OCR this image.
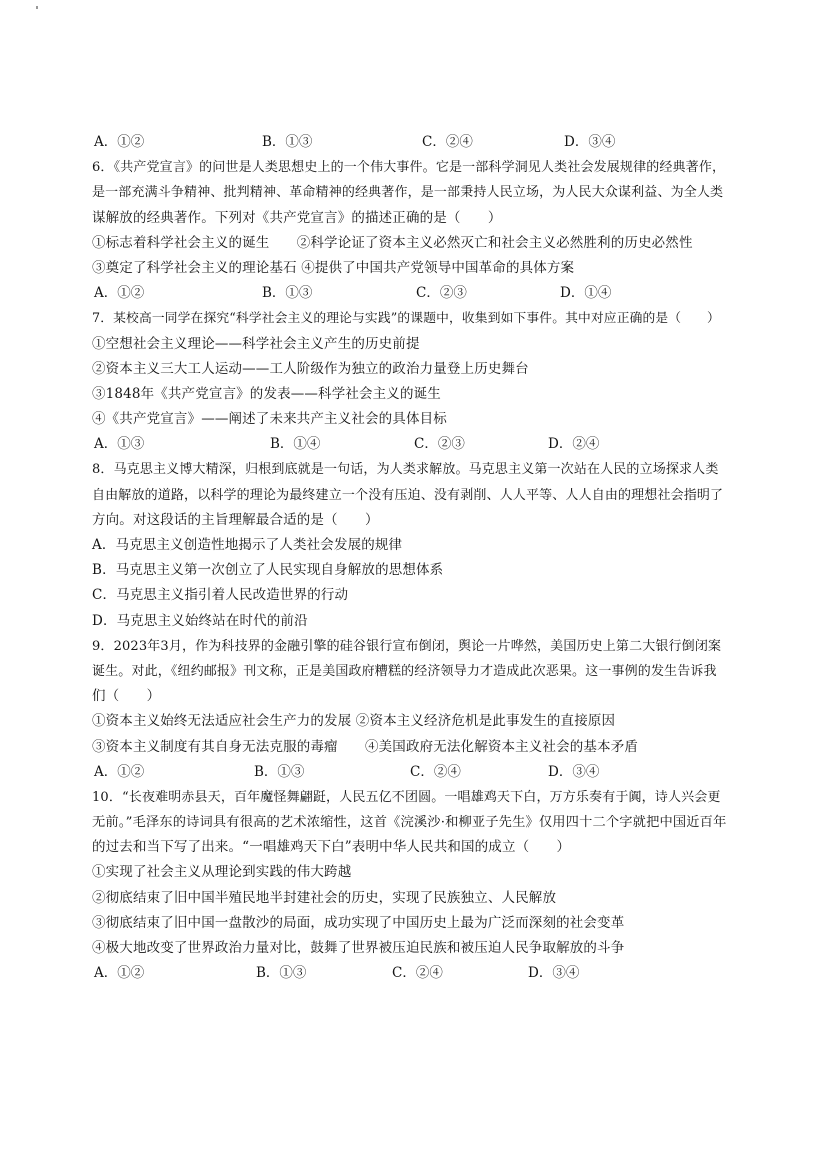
A．①②	B．①③	C．②④	D．③④
6．《共产党宣言》的问世是人类思想史上的一个伟大事件。它是一部科学洞见人类社会发展规律的经典著作，
是一部充满斗争精神、批判精神、革命精神的经典著作，是一部秉持人民立场，为人民大众谋利益、为全人类
谋解放的经典著作。下列对《共产党宣言》的描述正确的是（　　）
①标志着科学社会主义的诞生　　②科学论证了资本主义必然灭亡和社会主义必然胜利的历史必然性
③奠定了科学社会主义的理论基石 ④提供了中国共产党领导中国革命的具体方案
A．①②	B．①③	C．②③	D．①④
7．某校高一同学在探究“科学社会主义的理论与实践”的课题中，收集到如下事件。其中对应正确的是（　　）
①空想社会主义理论——科学社会主义产生的历史前提
②资本主义三大工人运动——工人阶级作为独立的政治力量登上历史舞台
③1848年《共产党宣言》的发表——科学社会主义的诞生
④《共产党宣言》——阐述了未来共产主义社会的具体目标
A．①③	B．①④	C．②③	D．②④
8．马克思主义博大精深，归根到底就是一句话，为人类求解放。马克思主义第一次站在人民的立场探求人类
自由解放的道路，以科学的理论为最终建立一个没有压迫、没有剥削、人人平等、人人自由的理想社会指明了
方向。对这段话的主旨理解最合适的是（　　）
A．马克思主义创造性地揭示了人类社会发展的规律
B．马克思主义第一次创立了人民实现自身解放的思想体系
C．马克思主义指引着人民改造世界的行动
D．马克思主义始终站在时代的前沿
9．2023年3月，作为科技界的金融引擎的硅谷银行宣布倒闭，舆论一片哗然，美国历史上第二大银行倒闭案
诞生。对此，《纽约邮报》刊文称，正是美国政府糟糕的经济领导力才造成此次恶果。这一事例的发生告诉我
们（　　）
①资本主义始终无法适应社会生产力的发展 ②资本主义经济危机是此事发生的直接原因
③资本主义制度有其自身无法克服的毒瘤　　④美国政府无法化解资本主义社会的基本矛盾
A．①②	B．①③	C．②④	D．③④
10．“长夜难明赤县天，百年魔怪舞翩跹，人民五亿不团圆。一唱雄鸡天下白，万方乐奏有于阗，诗人兴会更
无前。”毛泽东的诗词具有很高的艺术浓缩性，这首《浣溪沙·和柳亚子先生》仅用四十二个字就把中国近百年
的过去和当下写了出来。“一唱雄鸡天下白”表明中华人民共和国的成立（　　）
①实现了社会主义从理论到实践的伟大跨越
②彻底结束了旧中国半殖民地半封建社会的历史，实现了民族独立、人民解放
③彻底结束了旧中国一盘散沙的局面，成功实现了中国历史上最为广泛而深刻的社会变革
④极大地改变了世界政治力量对比，鼓舞了世界被压迫民族和被压迫人民争取解放的斗争
A．①②	B．①③	C．②④	D．③④
